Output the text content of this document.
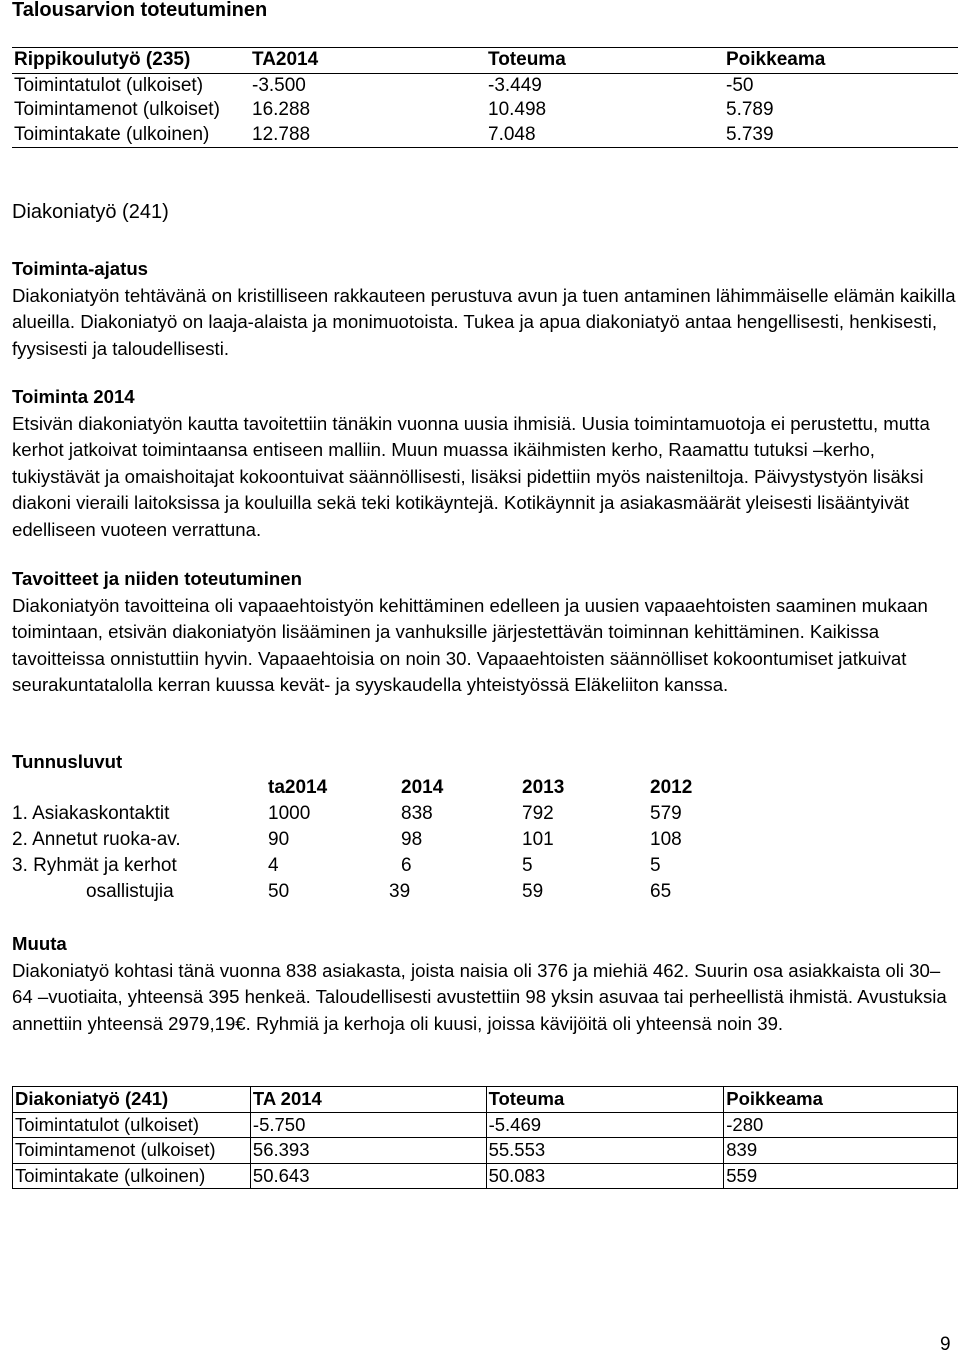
Talousarvion toteutuminen
Rippikoulutyö (235)	TA2014	Toteuma	Poikkeama
Toimintatulot (ulkoiset)	-3.500	-3.449	-50
Toimintamenot (ulkoiset)	16.288	10.498	5.789
Toimintakate (ulkoinen)	12.788	7.048	5.739
Diakoniatyö (241)
Toiminta-ajatus
Diakoniatyön tehtävänä on kristilliseen rakkauteen perustuva avun ja tuen antaminen lähimmäiselle elämän kaikilla alueilla. Diakoniatyö on laaja-alaista ja monimuotoista. Tukea ja apua diakoniatyö antaa hengellisesti, henkisesti, fyysisesti ja taloudellisesti.
Toiminta 2014
Etsivän diakoniatyön kautta tavoitettiin tänäkin vuonna uusia ihmisiä. Uusia toimintamuotoja ei perustettu, mutta kerhot jatkoivat toimintaansa entiseen malliin. Muun muassa ikäihmisten kerho, Raamattu tutuksi –kerho, tukiystävät ja omaishoitajat kokoontuivat säännöllisesti, lisäksi pidettiin myös naisteniltoja. Päivystystyön lisäksi diakoni vieraili laitoksissa ja kouluilla sekä teki kotikäyntejä. Kotikäynnit ja asiakasmäärät yleisesti lisääntyivät edelliseen vuoteen verrattuna.
Tavoitteet ja niiden toteutuminen
Diakoniatyön tavoitteina oli vapaaehtoistyön kehittäminen edelleen ja uusien vapaaehtoisten saaminen mukaan toimintaan, etsivän diakoniatyön lisääminen ja vanhuksille järjestettävän toiminnan kehittäminen. Kaikissa tavoitteissa onnistuttiin hyvin. Vapaaehtoisia on noin 30. Vapaaehtoisten säännölliset kokoontumiset jatkuivat seurakuntatalolla kerran kuussa kevät- ja syyskaudella yhteistyössä Eläkeliiton kanssa.
Tunnusluvut
	ta2014	2014	2013	2012
1. Asiakaskontaktit	1000	838	792	579
2. Annetut ruoka-av.	90	98	101	108
3. Ryhmät ja kerhot	4	6	5	5
osallistujia	50	39	59	65
Muuta
Diakoniatyö kohtasi tänä vuonna 838 asiakasta, joista naisia oli 376 ja miehiä 462. Suurin osa asiakkaista oli 30–64 –vuotiaita, yhteensä 395 henkeä. Taloudellisesti avustettiin 98 yksin asuvaa tai perheellistä ihmistä. Avustuksia annettiin yhteensä 2979,19€. Ryhmiä ja kerhoja oli kuusi, joissa kävijöitä oli yhteensä noin 39.
Diakoniatyö (241)	TA 2014	Toteuma	Poikkeama
Toimintatulot (ulkoiset)	-5.750	-5.469	-280
Toimintamenot (ulkoiset)	56.393	55.553	839
Toimintakate (ulkoinen)	50.643	50.083	559
9
